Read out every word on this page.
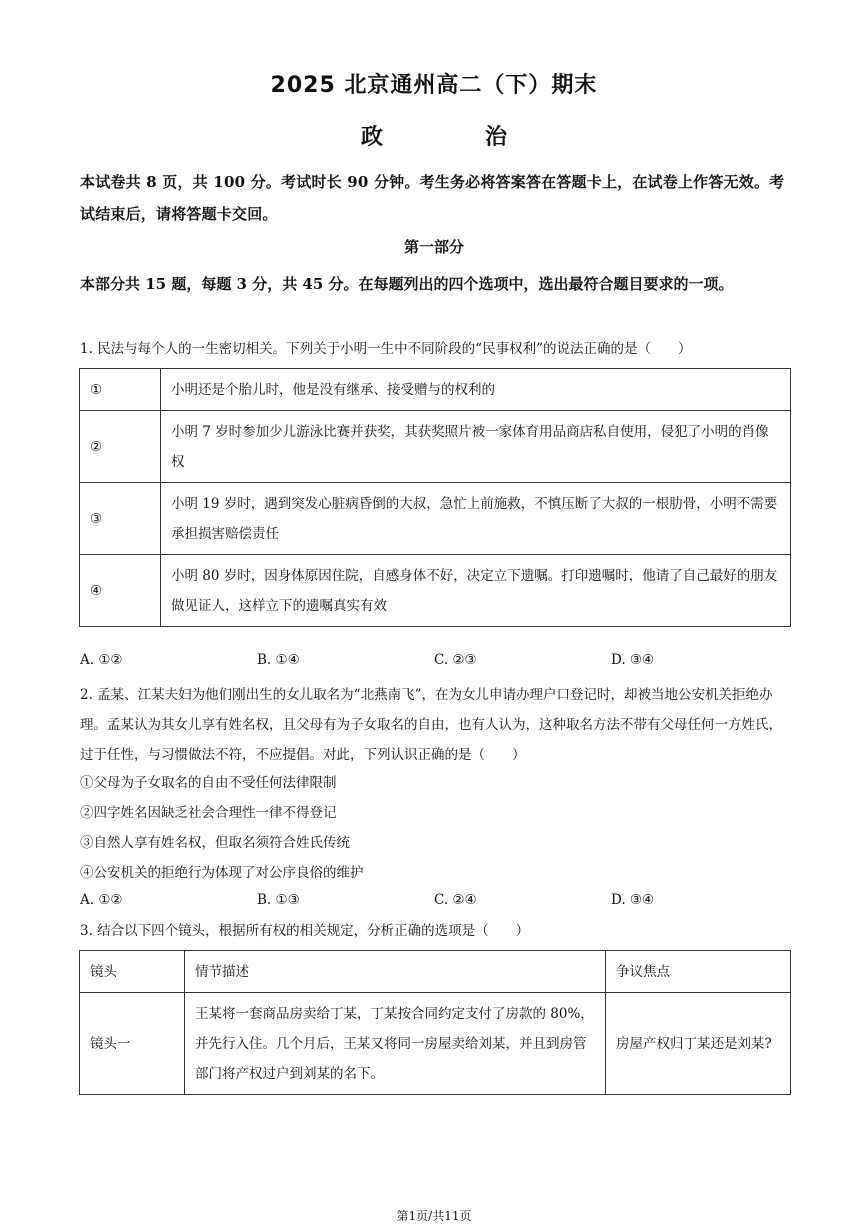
2025 北京通州高二（下）期末
政　治
本试卷共 8 页，共 100 分。考试时长 90 分钟。考生务必将答案答在答题卡上，在试卷上作答无效。考试结束后，请将答题卡交回。
第一部分
本部分共 15 题，每题 3 分，共 45 分。在每题列出的四个选项中，选出最符合题目要求的一项。
1. 民法与每个人的一生密切相关。下列关于小明一生中不同阶段的“民事权利”的说法正确的是（　　）
①	小明还是个胎儿时，他是没有继承、接受赠与的权利的
②	小明 7 岁时参加少儿游泳比赛并获奖，其获奖照片被一家体育用品商店私自使用，侵犯了小明的肖像权
③	小明 19 岁时，遇到突发心脏病昏倒的大叔，急忙上前施救，不慎压断了大叔的一根肋骨，小明不需要承担损害赔偿责任
④	小明 80 岁时，因身体原因住院，自感身体不好，决定立下遗嘱。打印遗嘱时，他请了自己最好的朋友做见证人，这样立下的遗嘱真实有效
A. ①②	B. ①④	C. ②③	D. ③④
2. 孟某、江某夫妇为他们刚出生的女儿取名为“北燕南飞”，在为女儿申请办理户口登记时，却被当地公安机关拒绝办理。孟某认为其女儿享有姓名权，且父母有为子女取名的自由，也有人认为，这种取名方法不带有父母任何一方姓氏，过于任性，与习惯做法不符，不应提倡。对此，下列认识正确的是（　　）
①父母为子女取名的自由不受任何法律限制
②四字姓名因缺乏社会合理性一律不得登记
③自然人享有姓名权，但取名须符合姓氏传统
④公安机关的拒绝行为体现了对公序良俗的维护
A. ①②	B. ①③	C. ②④	D. ③④
3. 结合以下四个镜头，根据所有权的相关规定，分析正确的选项是（　　）
镜头	情节描述	争议焦点
镜头一	王某将一套商品房卖给丁某，丁某按合同约定支付了房款的 80%，并先行入住。几个月后，王某又将同一房屋卖给刘某，并且到房管部门将产权过户到刘某的名下。	房屋产权归丁某还是刘某?
第1页/共11页
